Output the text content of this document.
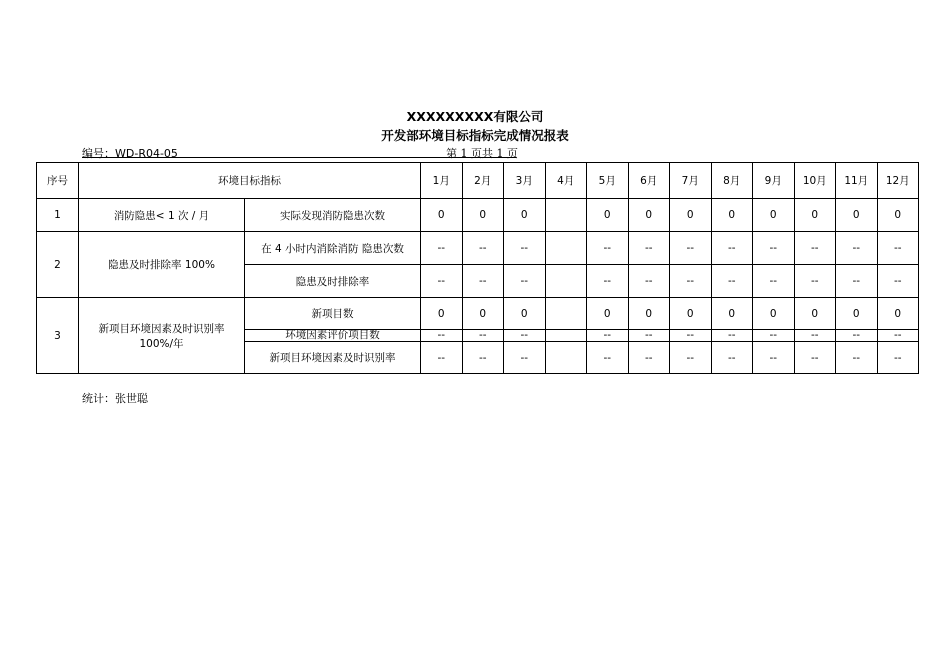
XXXXXXXXX有限公司
开发部环境目标指标完成情况报表
编号：WD-R04-05	第 1 页共 1 页
序号	环境目标指标		1月	2月	3月	4月	5月	6月	7月	8月	9月	10月	11月	12月
1	消防隐患< 1 次 / 月	实际发现消防隐患次数	0	0	0		0	0	0	0	0	0	0	0
2	隐患及时排除率 100%	在 4 小时内消除消防 隐患次数	--	--	--		--	--	--	--	--	--	--	--
		隐患及时排除率	--	--	--		--	--	--	--	--	--	--	--
3	新项目环境因素及时识别率 100%/年	新项目数	0	0	0		0	0	0	0	0	0	0	0
		环境因素评价项目数	--	--	--		--	--	--	--	--	--	--	--
		新项目环境因素及时识别率	--	--	--		--	--	--	--	--	--	--	--
统计：张世聪
